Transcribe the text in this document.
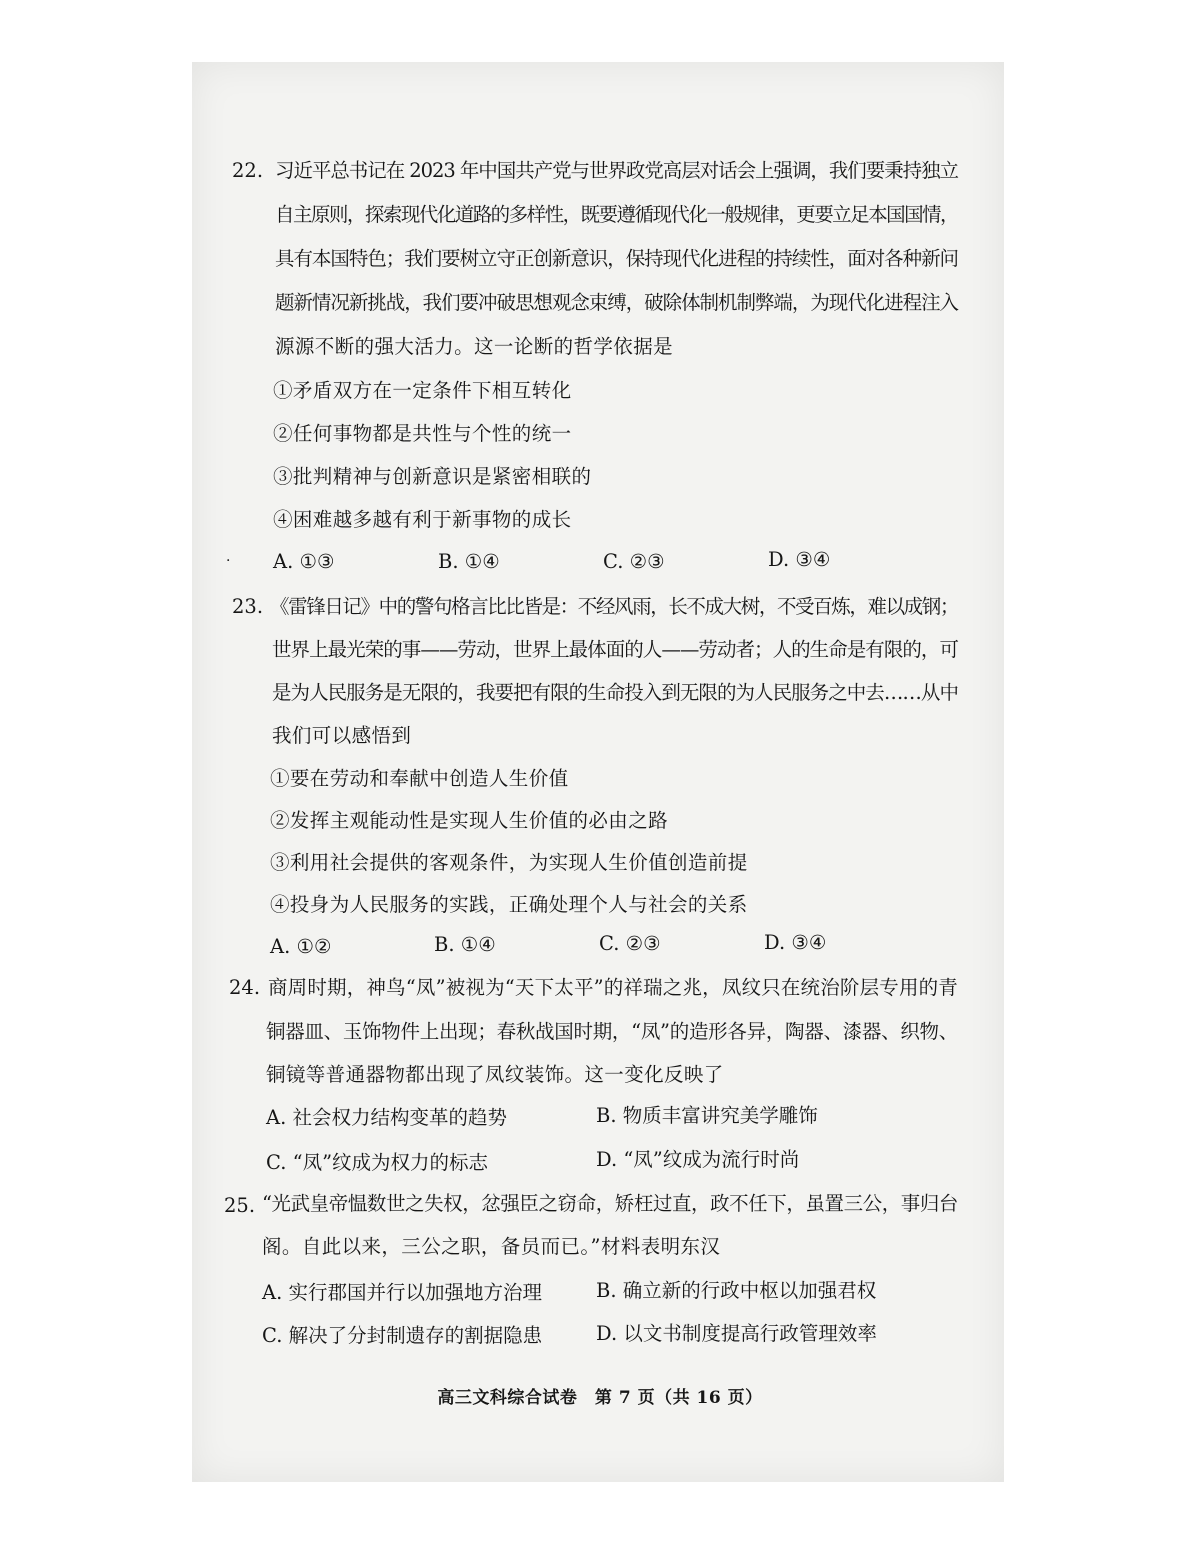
22. 习近平总书记在 2023 年中国共产党与世界政党高层对话会上强调，我们要秉持独立
自主原则，探索现代化道路的多样性，既要遵循现代化一般规律，更要立足本国国情，
具有本国特色；我们要树立守正创新意识，保持现代化进程的持续性，面对各种新问
题新情况新挑战，我们要冲破思想观念束缚，破除体制机制弊端，为现代化进程注入
源源不断的强大活力。这一论断的哲学依据是
①矛盾双方在一定条件下相互转化
②任何事物都是共性与个性的统一
③批判精神与创新意识是紧密相联的
④困难越多越有利于新事物的成长
· A. ①③	B. ①④	C. ②③	D. ③④
23. 《雷锋日记》中的警句格言比比皆是：不经风雨，长不成大树，不受百炼，难以成钢；
世界上最光荣的事——劳动，世界上最体面的人——劳动者；人的生命是有限的，可
是为人民服务是无限的，我要把有限的生命投入到无限的为人民服务之中去……从中
我们可以感悟到
①要在劳动和奉献中创造人生价值
②发挥主观能动性是实现人生价值的必由之路
③利用社会提供的客观条件，为实现人生价值创造前提
④投身为人民服务的实践，正确处理个人与社会的关系
A. ①②	B. ①④	C. ②③	D. ③④
24. 商周时期，神鸟“凤”被视为“天下太平”的祥瑞之兆，凤纹只在统治阶层专用的青
铜器皿、玉饰物件上出现；春秋战国时期，“凤”的造形各异，陶器、漆器、织物、
铜镜等普通器物都出现了凤纹装饰。这一变化反映了
A. 社会权力结构变革的趋势	B. 物质丰富讲究美学雕饰
C. “凤”纹成为权力的标志	D. “凤”纹成为流行时尚
25. “光武皇帝愠数世之失权，忿强臣之窃命，矫枉过直，政不任下，虽置三公，事归台
阁。自此以来，三公之职，备员而已。”材料表明东汉
A. 实行郡国并行以加强地方治理	B. 确立新的行政中枢以加强君权
C. 解决了分封制遗存的割据隐患	D. 以文书制度提高行政管理效率
高三文科综合试卷　第 7 页（共 16 页）
